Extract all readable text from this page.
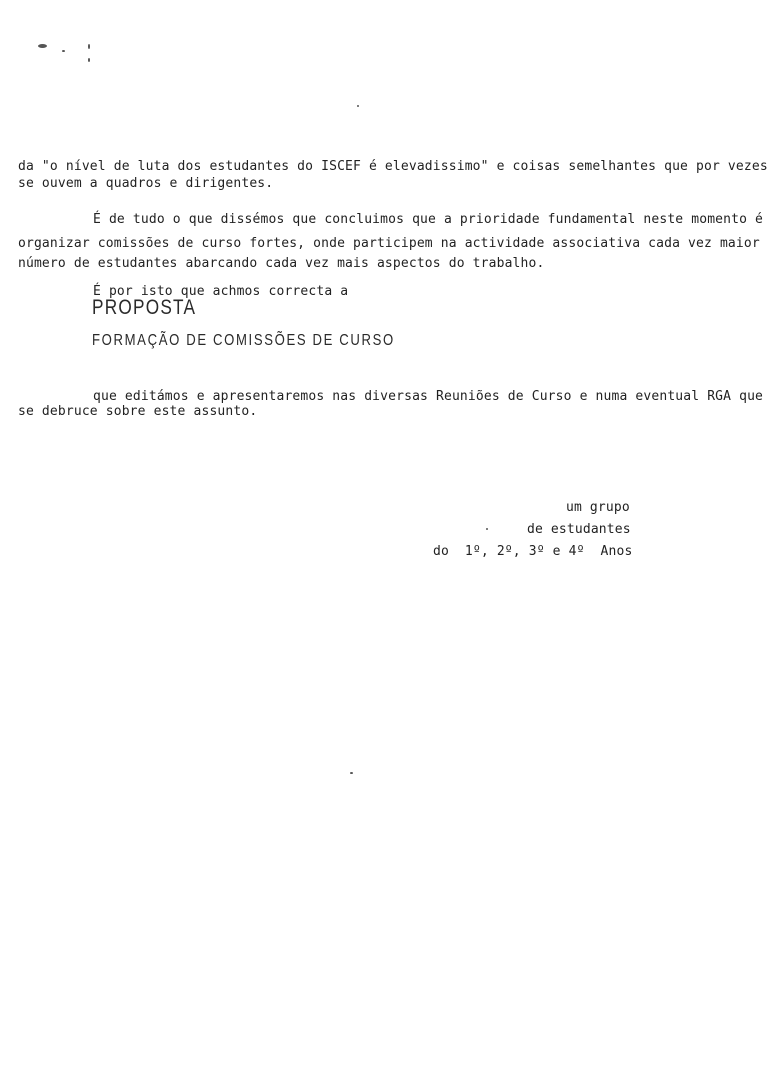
da "o nível de luta dos estudantes do ISCEF é elevadissimo" e coisas semelhantes que por vezes
se ouvem a quadros e dirigentes.
É de tudo o que dissémos que concluimos que a prioridade fundamental neste momento é
organizar comissões de curso fortes, onde participem na actividade associativa cada vez maior
número de estudantes abarcando cada vez mais aspectos do trabalho.
É por isto que achmos correcta a
PROPOSTA
FORMAÇÃO DE COMISSÕES DE CURSO
que editámos e apresentaremos nas diversas Reuniões de Curso e numa eventual RGA que
se debruce sobre este assunto.
um grupo
de estudantes
do  1º, 2º, 3º e 4º  Anos
